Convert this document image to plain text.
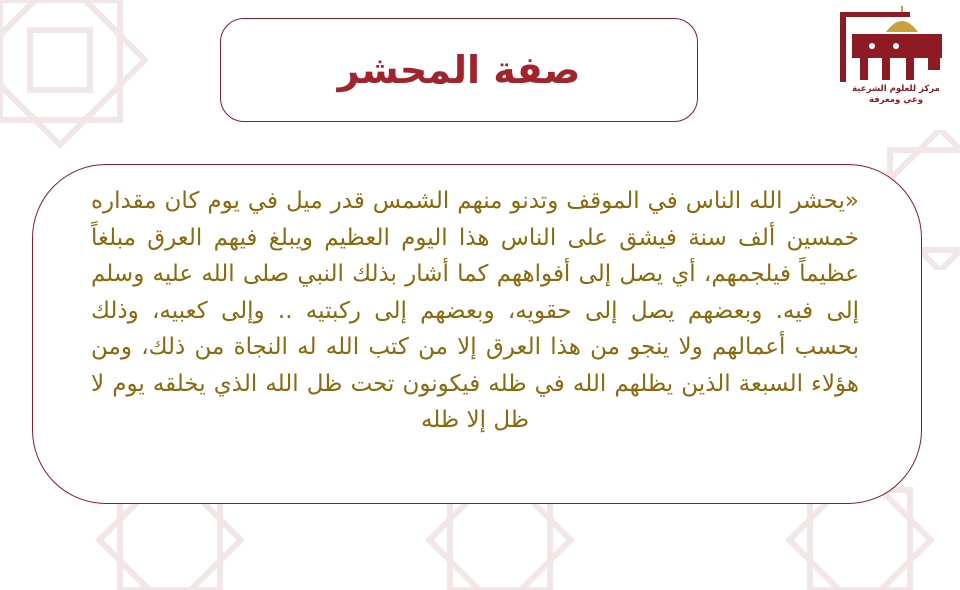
مركز للعلوم الشرعية
وعي ومعرفة
صفة المحشر

«يحشر الله الناس في الموقف وتدنو منهم الشمس قدر ميل في يوم كان مقداره خمسين ألف سنة فيشق على الناس هذا اليوم العظيم ويبلغ فيهم العرق مبلغاً عظيماً فيلجمهم، أي يصل إلى أفواههم كما أشار بذلك النبي صلى الله عليه وسلم إلى فيه. وبعضهم يصل إلى حقويه، وبعضهم إلى ركبتيه .. وإلى كعبيه، وذلك بحسب أعمالهم ولا ينجو من هذا العرق إلا من كتب الله له النجاة من ذلك، ومن هؤلاء السبعة الذين يظلهم الله في ظله فيكونون تحت ظل الله الذي يخلقه يوم لا ظل إلا ظله
